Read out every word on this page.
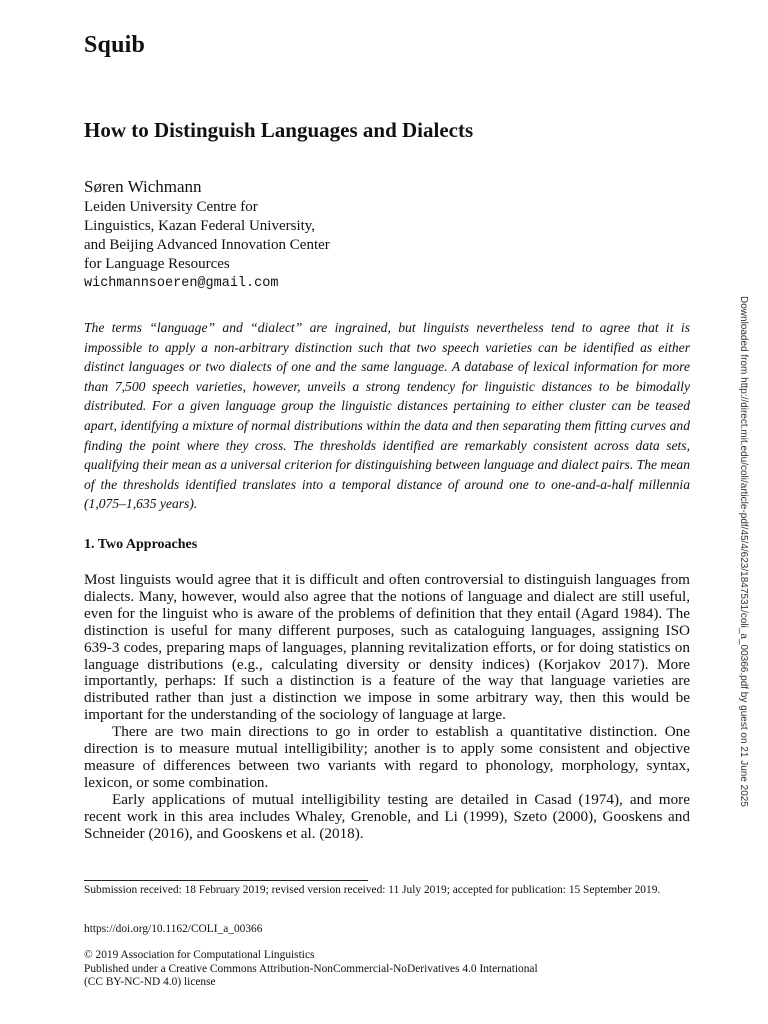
Squib
How to Distinguish Languages and Dialects
Søren Wichmann
Leiden University Centre for
Linguistics, Kazan Federal University,
and Beijing Advanced Innovation Center
for Language Resources
wichmannsoeren@gmail.com

The terms “language” and “dialect” are ingrained, but linguists nevertheless tend to agree that it is impossible to apply a non-arbitrary distinction such that two speech varieties can be identified as either distinct languages or two dialects of one and the same language. A database of lexical information for more than 7,500 speech varieties, however, unveils a strong tendency for linguistic distances to be bimodally distributed. For a given language group the linguistic distances pertaining to either cluster can be teased apart, identifying a mixture of normal distributions within the data and then separating them fitting curves and finding the point where they cross. The thresholds identified are remarkably consistent across data sets, qualifying their mean as a universal criterion for distinguishing between language and dialect pairs. The mean of the thresholds identified translates into a temporal distance of around one to one-and-a-half millennia (1,075–1,635 years).

1. Two Approaches

Most linguists would agree that it is difficult and often controversial to distinguish languages from dialects. Many, however, would also agree that the notions of language and dialect are still useful, even for the linguist who is aware of the problems of definition that they entail (Agard 1984). The distinction is useful for many different purposes, such as cataloguing languages, assigning ISO 639-3 codes, preparing maps of languages, planning revitalization efforts, or for doing statistics on language distributions (e.g., calculating diversity or density indices) (Korjakov 2017). More importantly, perhaps: If such a distinction is a feature of the way that language varieties are distributed rather than just a distinction we impose in some arbitrary way, then this would be important for the understanding of the sociology of language at large.

There are two main directions to go in order to establish a quantitative distinction. One direction is to measure mutual intelligibility; another is to apply some consistent and objective measure of differences between two variants with regard to phonology, morphology, syntax, lexicon, or some combination.

Early applications of mutual intelligibility testing are detailed in Casad (1974), and more recent work in this area includes Whaley, Grenoble, and Li (1999), Szeto (2000), Gooskens and Schneider (2016), and Gooskens et al. (2018).

Submission received: 18 February 2019; revised version received: 11 July 2019; accepted for publication: 15 September 2019.

https://doi.org/10.1162/COLI_a_00366

© 2019 Association for Computational Linguistics
Published under a Creative Commons Attribution-NonCommercial-NoDerivatives 4.0 International
(CC BY-NC-ND 4.0) license
Downloaded from http://direct.mit.edu/coli/article-pdf/45/4/623/1847531/coli_a_00366.pdf by guest on 21 June 2025
